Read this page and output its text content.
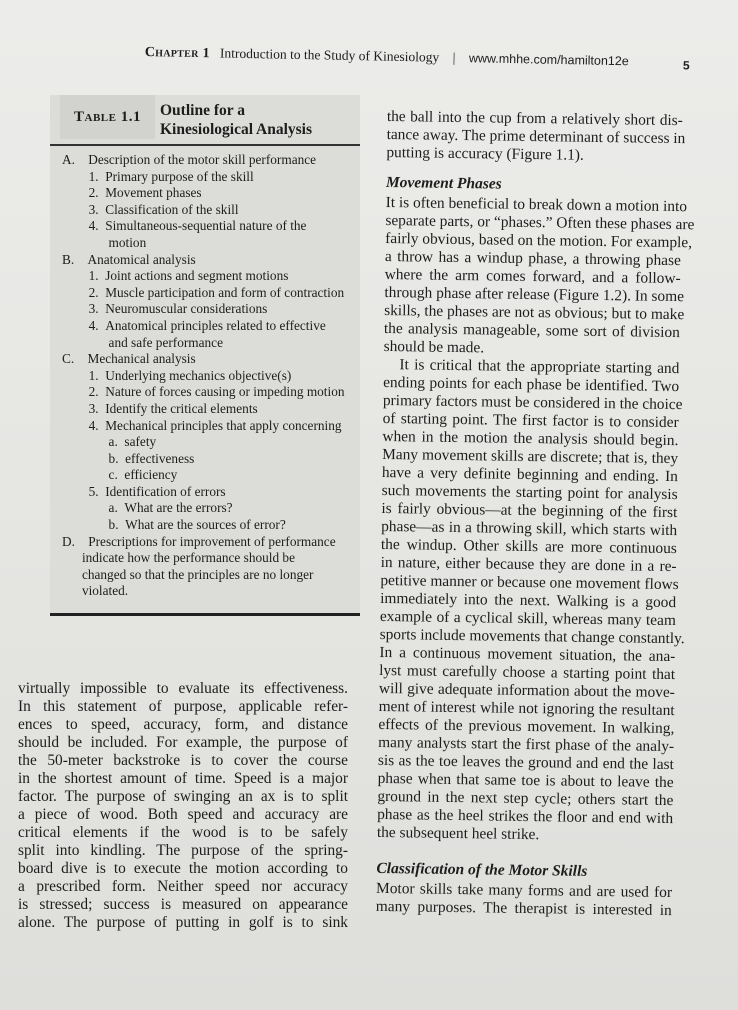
Chapter 1 Introduction to the Study of Kinesiology | www.mhhe.com/hamilton12e	5
Table 1.1	Outline for a
Kinesiological Analysis
A. Description of the motor skill performance
  1. Primary purpose of the skill
  2. Movement phases
  3. Classification of the skill
  4. Simultaneous-sequential nature of the
    motion
B. Anatomical analysis
  1. Joint actions and segment motions
  2. Muscle participation and form of contraction
  3. Neuromuscular considerations
  4. Anatomical principles related to effective
    and safe performance
C. Mechanical analysis
  1. Underlying mechanics objective(s)
  2. Nature of forces causing or impeding motion
  3. Identify the critical elements
  4. Mechanical principles that apply concerning
    a. safety
    b. effectiveness
    c. efficiency
  5. Identification of errors
    a. What are the errors?
    b. What are the sources of error?
D. Prescriptions for improvement of performance
  indicate how the performance should be
  changed so that the principles are no longer
  violated.
the ball into the cup from a relatively short dis-
tance away. The prime determinant of success in
putting is accuracy (Figure 1.1).
Movement Phases
It is often beneficial to break down a motion into
separate parts, or “phases.” Often these phases are
fairly obvious, based on the motion. For example,
a throw has a windup phase, a throwing phase
where the arm comes forward, and a follow-
through phase after release (Figure 1.2). In some
skills, the phases are not as obvious; but to make
the analysis manageable, some sort of division
should be made.
It is critical that the appropriate starting and
ending points for each phase be identified. Two
primary factors must be considered in the choice
of starting point. The first factor is to consider
when in the motion the analysis should begin.
Many movement skills are discrete; that is, they
have a very definite beginning and ending. In
such movements the starting point for analysis
is fairly obvious—at the beginning of the first
phase—as in a throwing skill, which starts with
the windup. Other skills are more continuous
in nature, either because they are done in a re-
petitive manner or because one movement flows
immediately into the next. Walking is a good
example of a cyclical skill, whereas many team
sports include movements that change constantly.
In a continuous movement situation, the ana-
lyst must carefully choose a starting point that
will give adequate information about the move-
ment of interest while not ignoring the resultant
effects of the previous movement. In walking,
many analysts start the first phase of the analy-
sis as the toe leaves the ground and end the last
phase when that same toe is about to leave the
ground in the next step cycle; others start the
phase as the heel strikes the floor and end with
the subsequent heel strike.
Classification of the Motor Skills
Motor skills take many forms and are used for
many purposes. The therapist is interested in
virtually impossible to evaluate its effectiveness.
In this statement of purpose, applicable refer-
ences to speed, accuracy, form, and distance
should be included. For example, the purpose of
the 50-meter backstroke is to cover the course
in the shortest amount of time. Speed is a major
factor. The purpose of swinging an ax is to split
a piece of wood. Both speed and accuracy are
critical elements if the wood is to be safely
split into kindling. The purpose of the spring-
board dive is to execute the motion according to
a prescribed form. Neither speed nor accuracy
is stressed; success is measured on appearance
alone. The purpose of putting in golf is to sink
